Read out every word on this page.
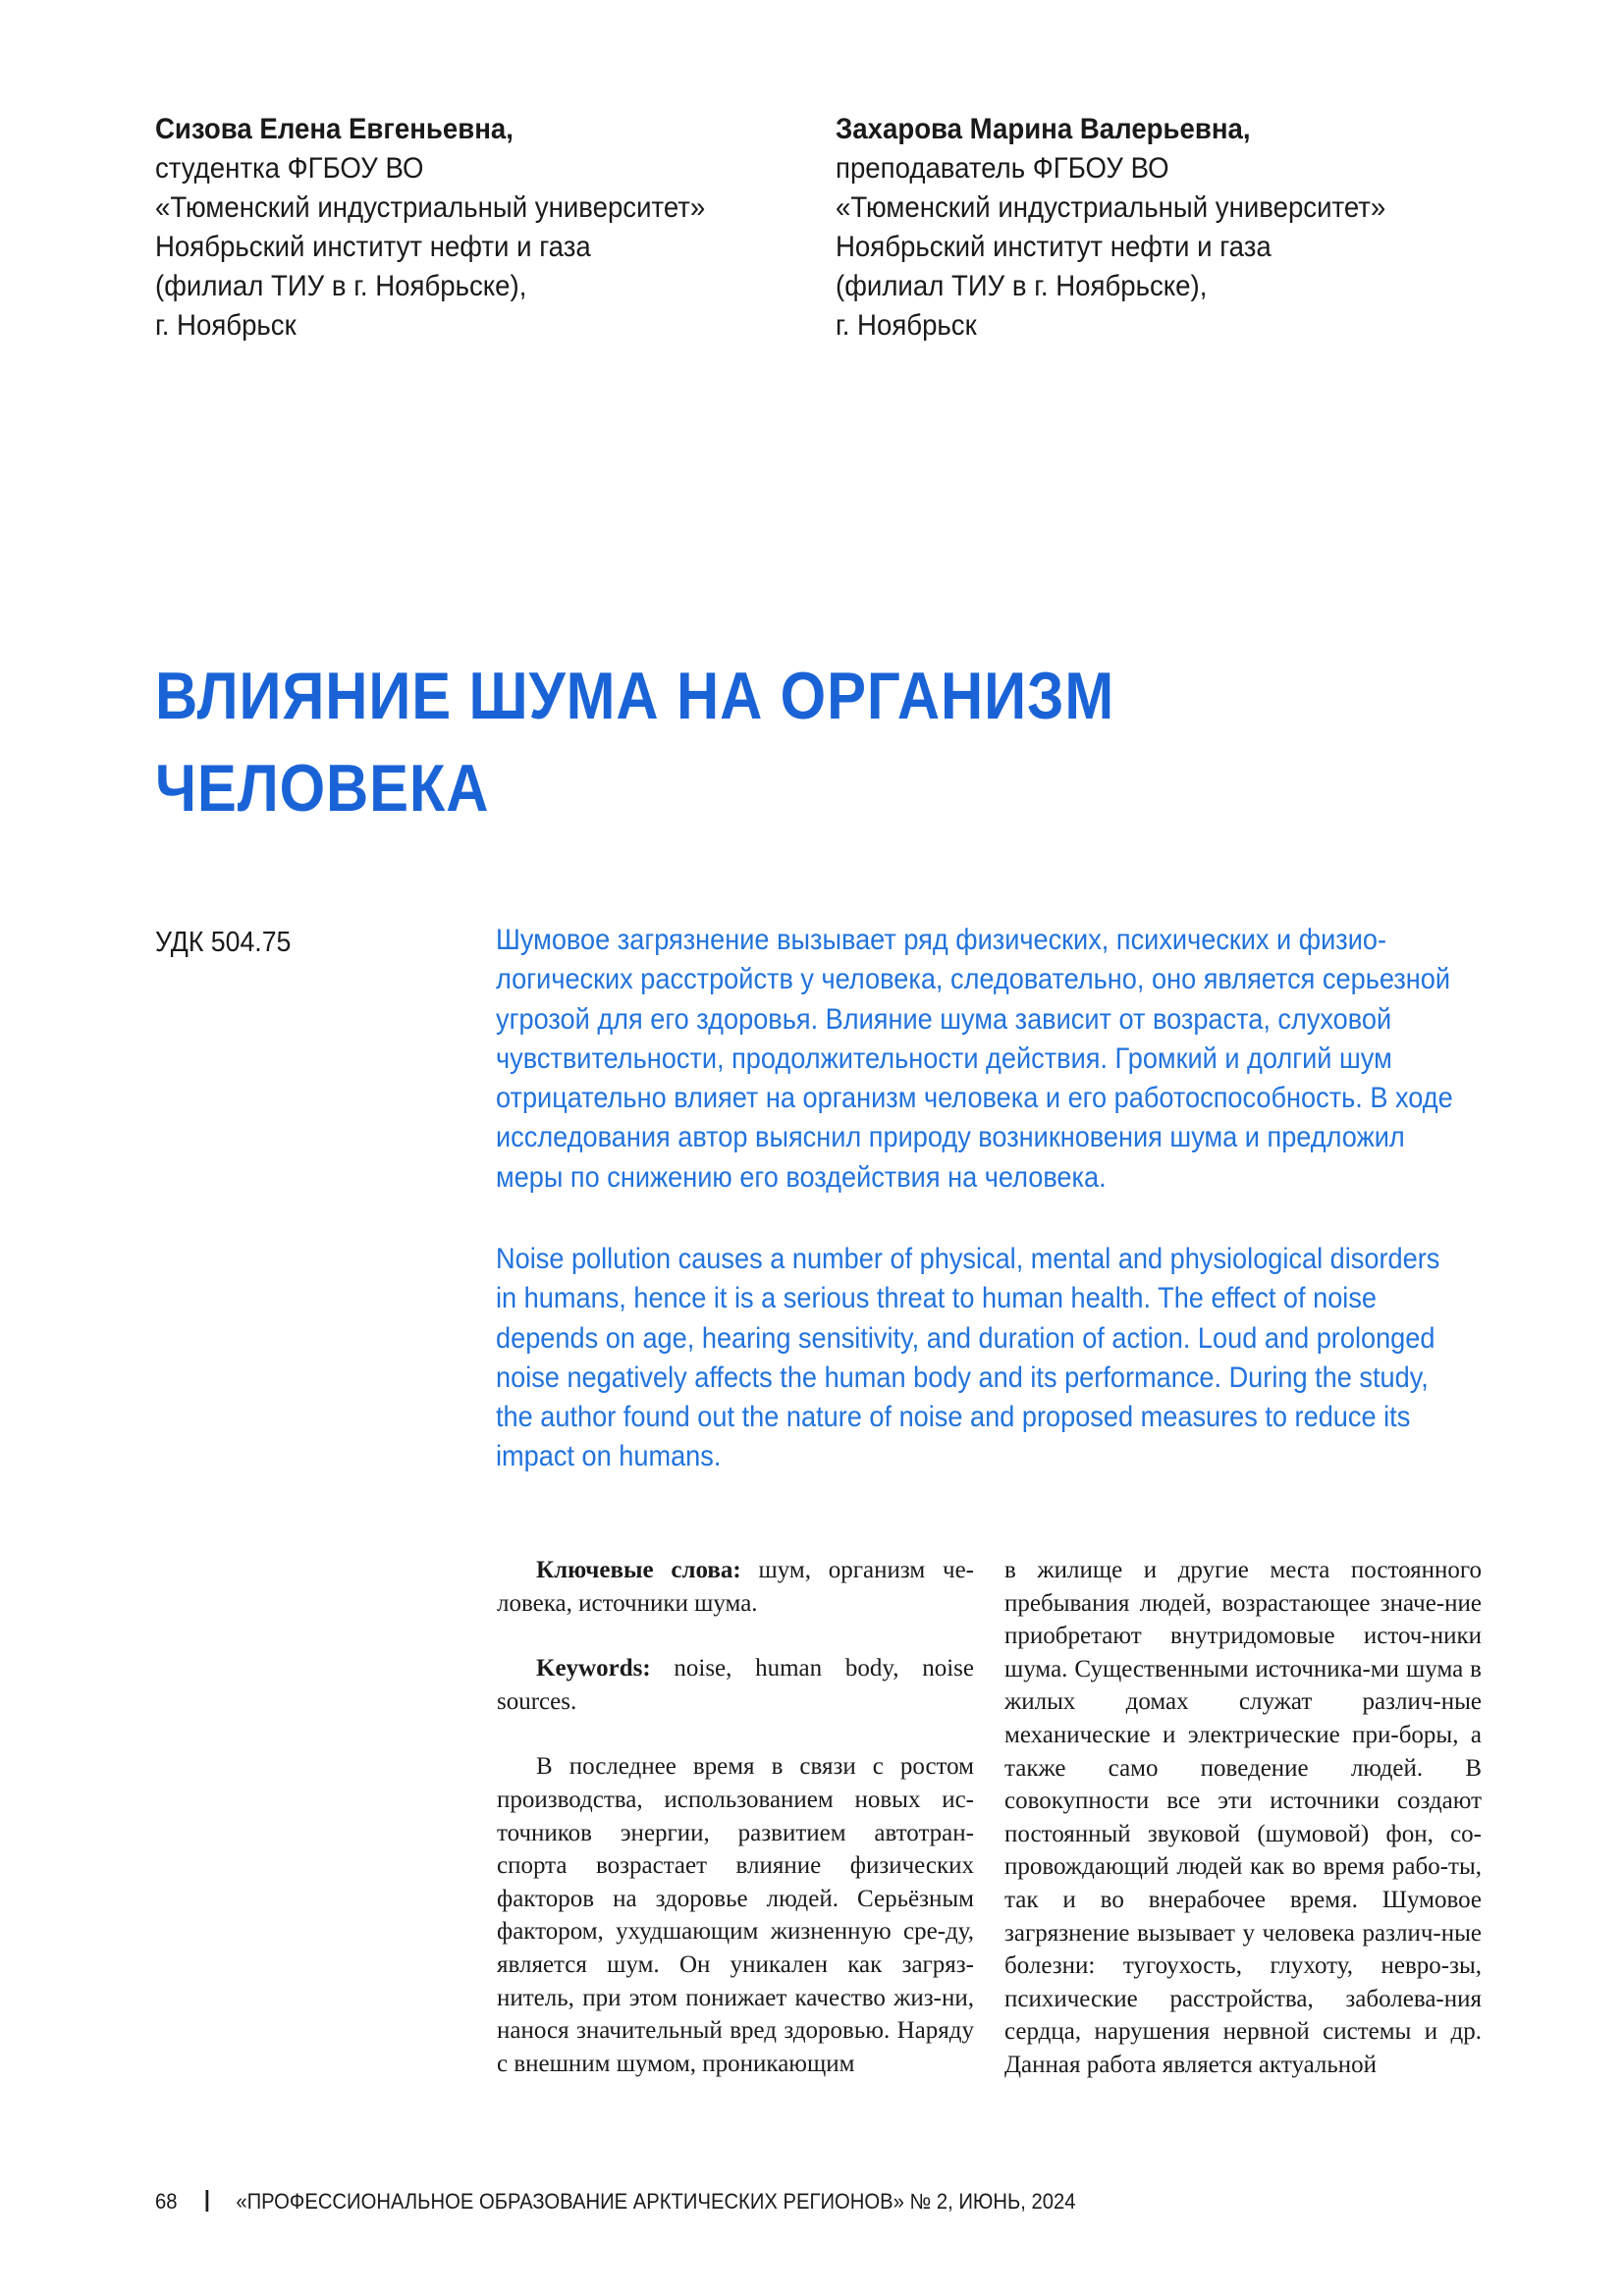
Сизова Елена Евгеньевна,
студентка ФГБОУ ВО
«Тюменский индустриальный университет»
Ноябрьский институт нефти и газа
(филиал ТИУ в г. Ноябрьске),
г. Ноябрьск
Захарова Марина Валерьевна,
преподаватель ФГБОУ ВО
«Тюменский индустриальный университет»
Ноябрьский институт нефти и газа
(филиал ТИУ в г. Ноябрьске),
г. Ноябрьск
ВЛИЯНИЕ ШУМА НА ОРГАНИЗМ
ЧЕЛОВЕКА
УДК 504.75	Шумовое загрязнение вызывает ряд физических, психических и физио-
логических расстройств у человека, следовательно, оно является серьезной
угрозой для его здоровья. Влияние шума зависит от возраста, слуховой
чувствительности, продолжительности действия. Громкий и долгий шум
отрицательно влияет на организм человека и его работоспособность. В ходе
исследования автор выяснил природу возникновения шума и предложил
меры по снижению его воздействия на человека.
Noise pollution causes a number of physical, mental and physiological disorders
in humans, hence it is a serious threat to human health. The effect of noise
depends on age, hearing sensitivity, and duration of action. Loud and prolonged
noise negatively affects the human body and its performance. During the study,
the author found out the nature of noise and proposed measures to reduce its
impact on humans.

Ключевые слова: шум, организм че-ловека, источники шума.

Keywords: noise, human body, noise sources.

В последнее время в связи с ростом производства, использованием новых ис-точников энергии, развитием автотран-спорта возрастает влияние физических факторов на здоровье людей. Серьёзным фактором, ухудшающим жизненную сре-ду, является шум. Он уникален как загряз-нитель, при этом понижает качество жиз-ни, нанося значительный вред здоровью. Наряду с внешним шумом, проникающим

в жилище и другие места постоянного пребывания людей, возрастающее значе-ние приобретают внутридомовые источ-ники шума. Существенными источника-ми шума в жилых домах служат различ-ные механические и электрические при-боры, а также само поведение людей. В совокупности все эти источники создают постоянный звуковой (шумовой) фон, со-провождающий людей как во время рабо-ты, так и во внерабочее время. Шумовое загрязнение вызывает у человека различ-ные болезни: тугоухость, глухоту, невро-зы, психические расстройства, заболева-ния сердца, нарушения нервной системы и др. Данная работа является актуальной

68	«ПРОФЕССИОНАЛЬНОЕ ОБРАЗОВАНИЕ АРКТИЧЕСКИХ РЕГИОНОВ» № 2, ИЮНЬ, 2024
